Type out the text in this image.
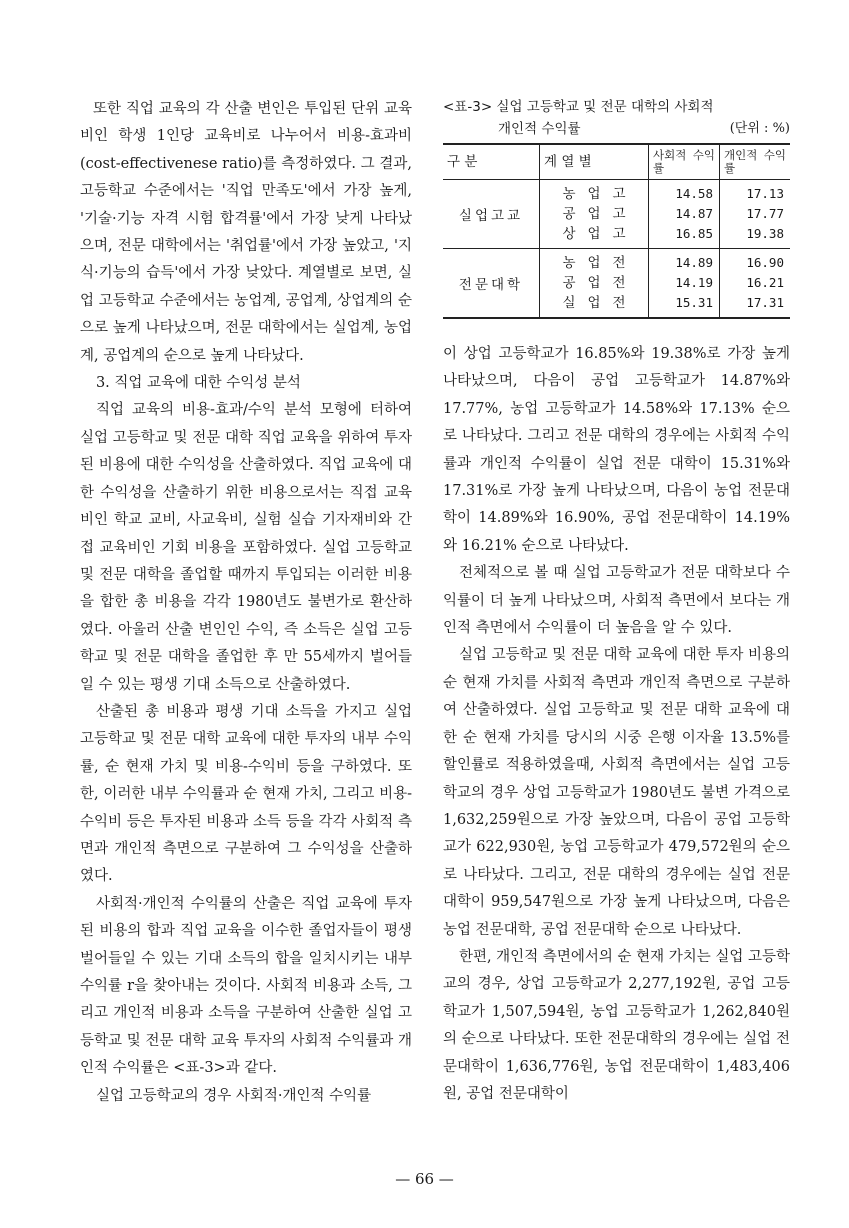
또한 직업 교육의 각 산출 변인은 투입된 단위 교육비인 학생 1인당 교육비로 나누어서 비용-효과비(cost-effectivenese ratio)를 측정하였다. 그 결과, 고등학교 수준에서는 '직업 만족도'에서 가장 높게, '기술·기능 자격 시험 합격률'에서 가장 낮게 나타났으며, 전문 대학에서는 '취업률'에서 가장 높았고, '지식·기능의 습득'에서 가장 낮았다. 계열별로 보면, 실업 고등학교 수준에서는 농업계, 공업계, 상업계의 순으로 높게 나타났으며, 전문 대학에서는 실업계, 농업계, 공업계의 순으로 높게 나타났다.

3. 직업 교육에 대한 수익성 분석

직업 교육의 비용-효과/수익 분석 모형에 터하여 실업 고등학교 및 전문 대학 직업 교육을 위하여 투자된 비용에 대한 수익성을 산출하였다. 직업 교육에 대한 수익성을 산출하기 위한 비용으로서는 직접 교육비인 학교 교비, 사교육비, 실험 실습 기자재비와 간접 교육비인 기회 비용을 포함하였다. 실업 고등학교 및 전문 대학을 졸업할 때까지 투입되는 이러한 비용을 합한 총 비용을 각각 1980년도 불변가로 환산하였다. 아울러 산출 변인인 수익, 즉 소득은 실업 고등학교 및 전문 대학을 졸업한 후 만 55세까지 벌어들일 수 있는 평생 기대 소득으로 산출하였다.

산출된 총 비용과 평생 기대 소득을 가지고 실업 고등학교 및 전문 대학 교육에 대한 투자의 내부 수익률, 순 현재 가치 및 비용-수익비 등을 구하였다. 또한, 이러한 내부 수익률과 순 현재 가치, 그리고 비용-수익비 등은 투자된 비용과 소득 등을 각각 사회적 측면과 개인적 측면으로 구분하여 그 수익성을 산출하였다.

사회적·개인적 수익률의 산출은 직업 교육에 투자된 비용의 합과 직업 교육을 이수한 졸업자들이 평생 벌어들일 수 있는 기대 소득의 합을 일치시키는 내부 수익률 r을 찾아내는 것이다. 사회적 비용과 소득, 그리고 개인적 비용과 소득을 구분하여 산출한 실업 고등학교 및 전문 대학 교육 투자의 사회적 수익률과 개인적 수익률은 <표-3>과 같다.

실업 고등학교의 경우 사회적·개인적 수익률

<표-3> 실업 고등학교 및 전문 대학의 사회적
개인적 수익률	(단위 : %)
구 분	계 열 별	사회적 수익률	개인적 수익률
실업고교	농업고	14.58	17.13
	공업고	14.87	17.77
	상업고	16.85	19.38
전문대학	농업전	14.89	16.90
	공업전	14.19	16.21
	실업전	15.31	17.31

이 상업 고등학교가 16.85%와 19.38%로 가장 높게 나타났으며, 다음이 공업 고등학교가 14.87%와 17.77%, 농업 고등학교가 14.58%와 17.13% 순으로 나타났다. 그리고 전문 대학의 경우에는 사회적 수익률과 개인적 수익률이 실업 전문 대학이 15.31%와 17.31%로 가장 높게 나타났으며, 다음이 농업 전문대학이 14.89%와 16.90%, 공업 전문대학이 14.19%와 16.21% 순으로 나타났다.

전체적으로 볼 때 실업 고등학교가 전문 대학보다 수익률이 더 높게 나타났으며, 사회적 측면에서 보다는 개인적 측면에서 수익률이 더 높음을 알 수 있다.

실업 고등학교 및 전문 대학 교육에 대한 투자 비용의 순 현재 가치를 사회적 측면과 개인적 측면으로 구분하여 산출하였다. 실업 고등학교 및 전문 대학 교육에 대한 순 현재 가치를 당시의 시중 은행 이자율 13.5%를 할인률로 적용하였을때, 사회적 측면에서는 실업 고등학교의 경우 상업 고등학교가 1980년도 불변 가격으로 1,632,259원으로 가장 높았으며, 다음이 공업 고등학교가 622,930원, 농업 고등학교가 479,572원의 순으로 나타났다. 그리고, 전문 대학의 경우에는 실업 전문대학이 959,547원으로 가장 높게 나타났으며, 다음은 농업 전문대학, 공업 전문대학 순으로 나타났다.

한편, 개인적 측면에서의 순 현재 가치는 실업 고등학교의 경우, 상업 고등학교가 2,277,192원, 공업 고등학교가 1,507,594원, 농업 고등학교가 1,262,840원의 순으로 나타났다. 또한 전문대학의 경우에는 실업 전문대학이 1,636,776원, 농업 전문대학이 1,483,406원, 공업 전문대학이

— 66 —
